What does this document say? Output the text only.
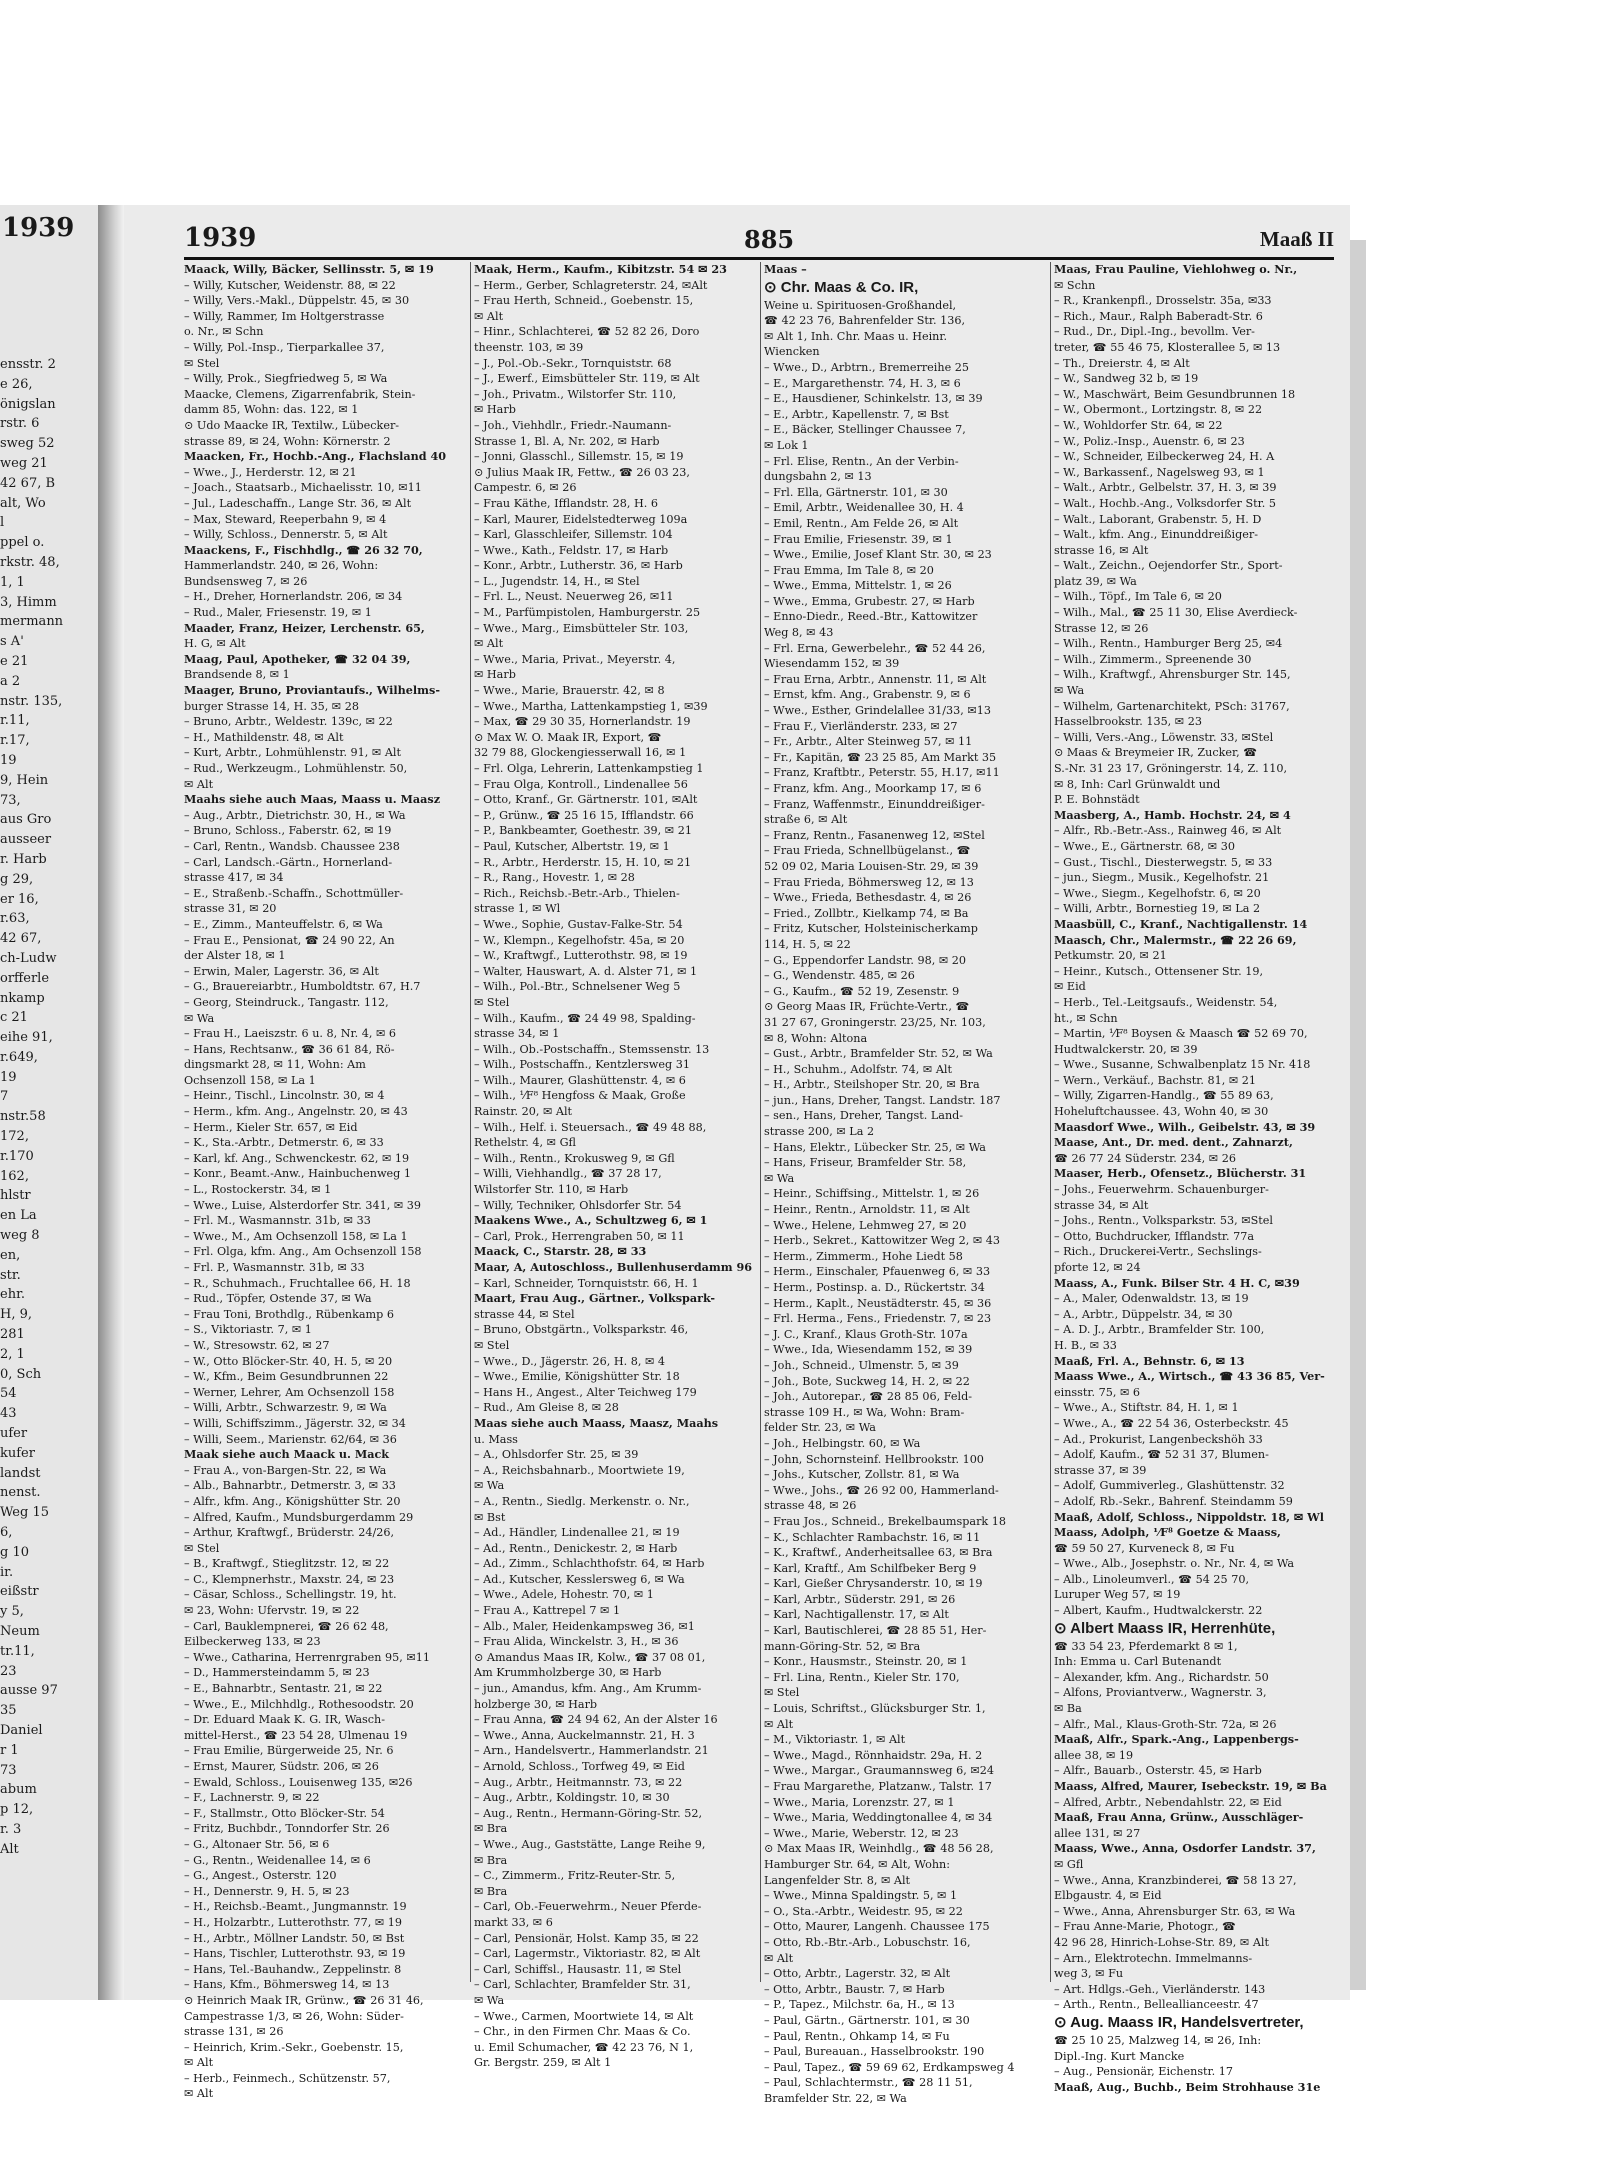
1939
ensstr. 2
e 26,
önigslan
rstr. 6
sweg 52
weg 21
42 67, B
alt, Wo
l
ppel o.
rkstr. 48,
1, 1
3, Himm
mermann
s A'
e 21
a 2
nstr. 135,
r.11,
r.17,
19
9, Hein
73,
aus Gro
ausseer
r. Harb
g 29,
er 16,
r.63,
42 67,
ch-Ludw
orfferle
nkamp
c 21
eihe 91,
r.649,
19
7
nstr.58
172,
r.170
162,
hlstr
en La
weg 8
en,
str.
ehr.
H, 9,
281
2, 1
0, Sch
54
43
ufer
kufer
landst
nenst.
Weg 15
6,
g 10
ir.
eißstr
y 5,
Neum
tr.11,
23
ausse 97
35
Daniel
r 1
73
abum
p 12,
r. 3
Alt
1939	885	Maaß II
Maack, Willy, Bäcker, Sellinsstr. 5, ✉ 19
– Willy, Kutscher, Weidenstr. 88, ✉ 22
– Willy, Vers.-Makl., Düppelstr. 45, ✉ 30
– Willy, Rammer, Im Holtgerstrasse
o. Nr., ✉ Schn
– Willy, Pol.-Insp., Tierparkallee 37,
✉ Stel
– Willy, Prok., Siegfriedweg 5, ✉ Wa
Maacke, Clemens, Zigarrenfabrik, Stein-
damm 85, Wohn: das. 122, ✉ 1
⊙ Udo Maacke IR, Textilw., Lübecker-
strasse 89, ✉ 24, Wohn: Körnerstr. 2
Maacken, Fr., Hochb.-Ang., Flachsland 40
– Wwe., J., Herderstr. 12, ✉ 21
– Joach., Staatsarb., Michaelisstr. 10, ✉11
– Jul., Ladeschaffn., Lange Str. 36, ✉ Alt
– Max, Steward, Reeperbahn 9, ✉ 4
– Willy, Schloss., Dennerstr. 5, ✉ Alt
Maackens, F., Fischhdlg., ☎ 26 32 70,
Hammerlandstr. 240, ✉ 26, Wohn:
Bundsensweg 7, ✉ 26
– H., Dreher, Hornerlandstr. 206, ✉ 34
– Rud., Maler, Friesenstr. 19, ✉ 1
Maader, Franz, Heizer, Lerchenstr. 65,
H. G, ✉ Alt
Maag, Paul, Apotheker, ☎ 32 04 39,
Brandsende 8, ✉ 1
Maager, Bruno, Proviantaufs., Wilhelms-
burger Strasse 14, H. 35, ✉ 28
– Bruno, Arbtr., Weldestr. 139c, ✉ 22
– H., Mathildenstr. 48, ✉ Alt
– Kurt, Arbtr., Lohmühlenstr. 91, ✉ Alt
– Rud., Werkzeugm., Lohmühlenstr. 50,
✉ Alt
Maahs siehe auch Maas, Maass u. Maasz
– Aug., Arbtr., Dietrichstr. 30, H., ✉ Wa
– Bruno, Schloss., Faberstr. 62, ✉ 19
– Carl, Rentn., Wandsb. Chaussee 238
– Carl, Landsch.-Gärtn., Hornerland-
strasse 417, ✉ 34
– E., Straßenb.-Schaffn., Schottmüller-
strasse 31, ✉ 20
– E., Zimm., Manteuffelstr. 6, ✉ Wa
– Frau E., Pensionat, ☎ 24 90 22, An
der Alster 18, ✉ 1
– Erwin, Maler, Lagerstr. 36, ✉ Alt
– G., Brauereiarbtr., Humboldtstr. 67, H.7
– Georg, Steindruck., Tangastr. 112,
✉ Wa
– Frau H., Laeiszstr. 6 u. 8, Nr. 4, ✉ 6
– Hans, Rechtsanw., ☎ 36 61 84, Rö-
dingsmarkt 28, ✉ 11, Wohn: Am
Ochsenzoll 158, ✉ La 1
– Heinr., Tischl., Lincolnstr. 30, ✉ 4
– Herm., kfm. Ang., Angelnstr. 20, ✉ 43
– Herm., Kieler Str. 657, ✉ Eid
– K., Sta.-Arbtr., Detmerstr. 6, ✉ 33
– Karl, kf. Ang., Schwenckestr. 62, ✉ 19
– Konr., Beamt.-Anw., Hainbuchenweg 1
– L., Rostockerstr. 34, ✉ 1
– Wwe., Luise, Alsterdorfer Str. 341, ✉ 39
– Frl. M., Wasmannstr. 31b, ✉ 33
– Wwe., M., Am Ochsenzoll 158, ✉ La 1
– Frl. Olga, kfm. Ang., Am Ochsenzoll 158
– Frl. P., Wasmannstr. 31b, ✉ 33
– R., Schuhmach., Fruchtallee 66, H. 18
– Rud., Töpfer, Ostende 37, ✉ Wa
– Frau Toni, Brothdlg., Rübenkamp 6
– S., Viktoriastr. 7, ✉ 1
– W., Stresowstr. 62, ✉ 27
– W., Otto Blöcker-Str. 40, H. 5, ✉ 20
– W., Kfm., Beim Gesundbrunnen 22
– Werner, Lehrer, Am Ochsenzoll 158
– Willi, Arbtr., Schwarzestr. 9, ✉ Wa
– Willi, Schiffszimm., Jägerstr. 32, ✉ 34
– Willi, Seem., Marienstr. 62/64, ✉ 36
Maak siehe auch Maack u. Mack
– Frau A., von-Bargen-Str. 22, ✉ Wa
– Alb., Bahnarbtr., Detmerstr. 3, ✉ 33
– Alfr., kfm. Ang., Königshütter Str. 20
– Alfred, Kaufm., Mundsburgerdamm 29
– Arthur, Kraftwgf., Brüderstr. 24/26,
✉ Stel
– B., Kraftwgf., Stieglitzstr. 12, ✉ 22
– C., Klempnerhstr., Maxstr. 24, ✉ 23
– Cäsar, Schloss., Schellingstr. 19, ht.
✉ 23, Wohn: Ufervstr. 19, ✉ 22
– Carl, Bauklempnerei, ☎ 26 62 48,
Eilbeckerweg 133, ✉ 23
– Wwe., Catharina, Herrenrgraben 95, ✉11
– D., Hammersteindamm 5, ✉ 23
– E., Bahnarbtr., Sentastr. 21, ✉ 22
– Wwe., E., Milchhdlg., Rothesoodstr. 20
– Dr. Eduard Maak K. G. IR, Wasch-
mittel-Herst., ☎ 23 54 28, Ulmenau 19
– Frau Emilie, Bürgerweide 25, Nr. 6
– Ernst, Maurer, Südstr. 206, ✉ 26
– Ewald, Schloss., Louisenweg 135, ✉26
– F., Lachnerstr. 9, ✉ 22
– F., Stallmstr., Otto Blöcker-Str. 54
– Fritz, Buchbdr., Tonndorfer Str. 26
– G., Altonaer Str. 56, ✉ 6
– G., Rentn., Weidenallee 14, ✉ 6
– G., Angest., Osterstr. 120
– H., Dennerstr. 9, H. 5, ✉ 23
– H., Reichsb.-Beamt., Jungmannstr. 19
– H., Holzarbtr., Lutterothstr. 77, ✉ 19
– H., Arbtr., Möllner Landstr. 50, ✉ Bst
– Hans, Tischler, Lutterothstr. 93, ✉ 19
– Hans, Tel.-Bauhandw., Zeppelinstr. 8
– Hans, Kfm., Böhmersweg 14, ✉ 13
⊙ Heinrich Maak IR, Grünw., ☎ 26 31 46,
Campestrasse 1/3, ✉ 26, Wohn: Süder-
strasse 131, ✉ 26
– Heinrich, Krim.-Sekr., Goebenstr. 15,
✉ Alt
– Herb., Feinmech., Schützenstr. 57,
✉ Alt
Maak, Herm., Kaufm., Kibitzstr. 54 ✉ 23
– Herm., Gerber, Schlagreterstr. 24, ✉Alt
– Frau Herth, Schneid., Goebenstr. 15,
✉ Alt
– Hinr., Schlachterei, ☎ 52 82 26, Doro
theenstr. 103, ✉ 39
– J., Pol.-Ob.-Sekr., Tornquiststr. 68
– J., Ewerf., Eimsbütteler Str. 119, ✉ Alt
– Joh., Privatm., Wilstorfer Str. 110,
✉ Harb
– Joh., Viehhdlr., Friedr.-Naumann-
Strasse 1, Bl. A, Nr. 202, ✉ Harb
– Jonni, Glasschl., Sillemstr. 15, ✉ 19
⊙ Julius Maak IR, Fettw., ☎ 26 03 23,
Campestr. 6, ✉ 26
– Frau Käthe, Ifflandstr. 28, H. 6
– Karl, Maurer, Eidelstedterweg 109a
– Karl, Glasschleifer, Sillemstr. 104
– Wwe., Kath., Feldstr. 17, ✉ Harb
– Konr., Arbtr., Lutherstr. 36, ✉ Harb
– L., Jugendstr. 14, H., ✉ Stel
– Frl. L., Neust. Neuerweg 26, ✉11
– M., Parfümpistolen, Hamburgerstr. 25
– Wwe., Marg., Eimsbütteler Str. 103,
✉ Alt
– Wwe., Maria, Privat., Meyerstr. 4,
✉ Harb
– Wwe., Marie, Brauerstr. 42, ✉ 8
– Wwe., Martha, Lattenkampstieg 1, ✉39
– Max, ☎ 29 30 35, Hornerlandstr. 19
⊙ Max W. O. Maak IR, Export, ☎
32 79 88, Glockengiesserwall 16, ✉ 1
– Frl. Olga, Lehrerin, Lattenkampstieg 1
– Frau Olga, Kontroll., Lindenallee 56
– Otto, Kranf., Gr. Gärtnerstr. 101, ✉Alt
– P., Grünw., ☎ 25 16 15, Ifflandstr. 66
– P., Bankbeamter, Goethestr. 39, ✉ 21
– Paul, Kutscher, Albertstr. 19, ✉ 1
– R., Arbtr., Herderstr. 15, H. 10, ✉ 21
– R., Rang., Hovestr. 1, ✉ 28
– Rich., Reichsb.-Betr.-Arb., Thielen-
strasse 1, ✉ Wl
– Wwe., Sophie, Gustav-Falke-Str. 54
– W., Klempn., Kegelhofstr. 45a, ✉ 20
– W., Kraftwgf., Lutterothstr. 98, ✉ 19
– Walter, Hauswart, A. d. Alster 71, ✉ 1
– Wilh., Pol.-Btr., Schnelsener Weg 5
✉ Stel
– Wilh., Kaufm., ☎ 24 49 98, Spalding-
strasse 34, ✉ 1
– Wilh., Ob.-Postschaffn., Stemssenstr. 13
– Wilh., Postschaffn., Kentzlersweg 31
– Wilh., Maurer, Glashüttenstr. 4, ✉ 6
– Wilh., ⅟F⁸ Hengfoss & Maak, Große
Rainstr. 20, ✉ Alt
– Wilh., Helf. i. Steuersach., ☎ 49 48 88,
Rethelstr. 4, ✉ Gfl
– Wilh., Rentn., Krokusweg 9, ✉ Gfl
– Willi, Viehhandlg., ☎ 37 28 17,
Wilstorfer Str. 110, ✉ Harb
– Willy, Techniker, Ohlsdorfer Str. 54
Maakens Wwe., A., Schultzweg 6, ✉ 1
– Carl, Prok., Herrengraben 50, ✉ 11
Maack, C., Starstr. 28, ✉ 33
Maar, A, Autoschloss., Bullenhuserdamm 96
– Karl, Schneider, Tornquiststr. 66, H. 1
Maart, Frau Aug., Gärtner., Volkspark-
strasse 44, ✉ Stel
– Bruno, Obstgärtn., Volksparkstr. 46,
✉ Stel
– Wwe., D., Jägerstr. 26, H. 8, ✉ 4
– Wwe., Emilie, Königshütter Str. 18
– Hans H., Angest., Alter Teichweg 179
– Rud., Am Gleise 8, ✉ 28
Maas siehe auch Maass, Maasz, Maahs
u. Mass
– A., Ohlsdorfer Str. 25, ✉ 39
– A., Reichsbahnarb., Moortwiete 19,
✉ Wa
– A., Rentn., Siedlg. Merkenstr. o. Nr.,
✉ Bst
– Ad., Händler, Lindenallee 21, ✉ 19
– Ad., Rentn., Denickestr. 2, ✉ Harb
– Ad., Zimm., Schlachthofstr. 64, ✉ Harb
– Ad., Kutscher, Kesslersweg 6, ✉ Wa
– Wwe., Adele, Hohestr. 70, ✉ 1
– Frau A., Kattrepel 7 ✉ 1
– Alb., Maler, Heidenkampsweg 36, ✉1
– Frau Alida, Winckelstr. 3, H., ✉ 36
⊙ Amandus Maas IR, Kolw., ☎ 37 08 01,
Am Krummholzberge 30, ✉ Harb
– jun., Amandus, kfm. Ang., Am Krumm-
holzberge 30, ✉ Harb
– Frau Anna, ☎ 24 94 62, An der Alster 16
– Wwe., Anna, Auckelmannstr. 21, H. 3
– Arn., Handelsvertr., Hammerlandstr. 21
– Arnold, Schloss., Torfweg 49, ✉ Eid
– Aug., Arbtr., Heitmannstr. 73, ✉ 22
– Aug., Arbtr., Koldingstr. 10, ✉ 30
– Aug., Rentn., Hermann-Göring-Str. 52,
✉ Bra
– Wwe., Aug., Gaststätte, Lange Reihe 9,
✉ Bra
– C., Zimmerm., Fritz-Reuter-Str. 5,
✉ Bra
– Carl, Ob.-Feuerwehrm., Neuer Pferde-
markt 33, ✉ 6
– Carl, Pensionär, Holst. Kamp 35, ✉ 22
– Carl, Lagermstr., Viktoriastr. 82, ✉ Alt
– Carl, Schiffsl., Hausastr. 11, ✉ Stel
– Carl, Schlachter, Bramfelder Str. 31,
✉ Wa
– Wwe., Carmen, Moortwiete 14, ✉ Alt
– Chr., in den Firmen Chr. Maas & Co.
u. Emil Schumacher, ☎ 42 23 76, N 1,
Gr. Bergstr. 259, ✉ Alt 1
Maas –
⊙ Chr. Maas & Co. IR,
Weine u. Spirituosen-Großhandel,
☎ 42 23 76, Bahrenfelder Str. 136,
✉ Alt 1, Inh. Chr. Maas u. Heinr.
Wiencken
– Wwe., D., Arbtrn., Bremerreihe 25
– E., Margarethenstr. 74, H. 3, ✉ 6
– E., Hausdiener, Schinkelstr. 13, ✉ 39
– E., Arbtr., Kapellenstr. 7, ✉ Bst
– E., Bäcker, Stellinger Chaussee 7,
✉ Lok 1
– Frl. Elise, Rentn., An der Verbin-
dungsbahn 2, ✉ 13
– Frl. Ella, Gärtnerstr. 101, ✉ 30
– Emil, Arbtr., Weidenallee 30, H. 4
– Emil, Rentn., Am Felde 26, ✉ Alt
– Frau Emilie, Friesenstr. 39, ✉ 1
– Wwe., Emilie, Josef Klant Str. 30, ✉ 23
– Frau Emma, Im Tale 8, ✉ 20
– Wwe., Emma, Mittelstr. 1, ✉ 26
– Wwe., Emma, Grubestr. 27, ✉ Harb
– Enno-Diedr., Reed.-Btr., Kattowitzer
Weg 8, ✉ 43
– Frl. Erna, Gewerbelehr., ☎ 52 44 26,
Wiesendamm 152, ✉ 39
– Frau Erna, Arbtr., Annenstr. 11, ✉ Alt
– Ernst, kfm. Ang., Grabenstr. 9, ✉ 6
– Wwe., Esther, Grindelallee 31/33, ✉13
– Frau F., Vierländerstr. 233, ✉ 27
– Fr., Arbtr., Alter Steinweg 57, ✉ 11
– Fr., Kapitän, ☎ 23 25 85, Am Markt 35
– Franz, Kraftbtr., Peterstr. 55, H.17, ✉11
– Franz, kfm. Ang., Moorkamp 17, ✉ 6
– Franz, Waffenmstr., Einunddreißiger-
straße 6, ✉ Alt
– Franz, Rentn., Fasanenweg 12, ✉Stel
– Frau Frieda, Schnellbügelanst., ☎
52 09 02, Maria Louisen-Str. 29, ✉ 39
– Frau Frieda, Böhmersweg 12, ✉ 13
– Wwe., Frieda, Bethesdastr. 4, ✉ 26
– Fried., Zollbtr., Kielkamp 74, ✉ Ba
– Fritz, Kutscher, Holsteinischerkamp
114, H. 5, ✉ 22
– G., Eppendorfer Landstr. 98, ✉ 20
– G., Wendenstr. 485, ✉ 26
– G., Kaufm., ☎ 52 19, Zesenstr. 9
⊙ Georg Maas IR, Früchte-Vertr., ☎
31 27 67, Groningerstr. 23/25, Nr. 103,
✉ 8, Wohn: Altona
– Gust., Arbtr., Bramfelder Str. 52, ✉ Wa
– H., Schuhm., Adolfstr. 74, ✉ Alt
– H., Arbtr., Steilshoper Str. 20, ✉ Bra
– jun., Hans, Dreher, Tangst. Landstr. 187
– sen., Hans, Dreher, Tangst. Land-
strasse 200, ✉ La 2
– Hans, Elektr., Lübecker Str. 25, ✉ Wa
– Hans, Friseur, Bramfelder Str. 58,
✉ Wa
– Heinr., Schiffsing., Mittelstr. 1, ✉ 26
– Heinr., Rentn., Arnoldstr. 11, ✉ Alt
– Wwe., Helene, Lehmweg 27, ✉ 20
– Herb., Sekret., Kattowitzer Weg 2, ✉ 43
– Herm., Zimmerm., Hohe Liedt 58
– Herm., Einschaler, Pfauenweg 6, ✉ 33
– Herm., Postinsp. a. D., Rückertstr. 34
– Herm., Kaplt., Neustädterstr. 45, ✉ 36
– Frl. Herma., Fens., Friedenstr. 7, ✉ 23
– J. C., Kranf., Klaus Groth-Str. 107a
– Wwe., Ida, Wiesendamm 152, ✉ 39
– Joh., Schneid., Ulmenstr. 5, ✉ 39
– Joh., Bote, Suckweg 14, H. 2, ✉ 22
– Joh., Autorepar., ☎ 28 85 06, Feld-
strasse 109 H., ✉ Wa, Wohn: Bram-
felder Str. 23, ✉ Wa
– Joh., Helbingstr. 60, ✉ Wa
– John, Schornsteinf. Hellbrookstr. 100
– Johs., Kutscher, Zollstr. 81, ✉ Wa
– Wwe., Johs., ☎ 26 92 00, Hammerland-
strasse 48, ✉ 26
– Frau Jos., Schneid., Brekelbaumspark 18
– K., Schlachter Rambachstr. 16, ✉ 11
– K., Kraftwf., Anderheitsallee 63, ✉ Bra
– Karl, Kraftf., Am Schilfbeker Berg 9
– Karl, Gießer Chrysanderstr. 10, ✉ 19
– Karl, Arbtr., Süderstr. 291, ✉ 26
– Karl, Nachtigallenstr. 17, ✉ Alt
– Karl, Bautischlerei, ☎ 28 85 51, Her-
mann-Göring-Str. 52, ✉ Bra
– Konr., Hausmstr., Steinstr. 20, ✉ 1
– Frl. Lina, Rentn., Kieler Str. 170,
✉ Stel
– Louis, Schriftst., Glücksburger Str. 1,
✉ Alt
– M., Viktoriastr. 1, ✉ Alt
– Wwe., Magd., Rönnhaidstr. 29a, H. 2
– Wwe., Margar., Graumannsweg 6, ✉24
– Frau Margarethe, Platzanw., Talstr. 17
– Wwe., Maria, Lorenzstr. 27, ✉ 1
– Wwe., Maria, Weddingtonallee 4, ✉ 34
– Wwe., Marie, Weberstr. 12, ✉ 23
⊙ Max Maas IR, Weinhdlg., ☎ 48 56 28,
Hamburger Str. 64, ✉ Alt, Wohn:
Langenfelder Str. 8, ✉ Alt
– Wwe., Minna Spaldingstr. 5, ✉ 1
– O., Sta.-Arbtr., Weidestr. 95, ✉ 22
– Otto, Maurer, Langenh. Chaussee 175
– Otto, Rb.-Btr.-Arb., Lobuschstr. 16,
✉ Alt
– Otto, Arbtr., Lagerstr. 32, ✉ Alt
– Otto, Arbtr., Baustr. 7, ✉ Harb
– P., Tapez., Milchstr. 6a, H., ✉ 13
– Paul, Gärtn., Gärtnerstr. 101, ✉ 30
– Paul, Rentn., Ohkamp 14, ✉ Fu
– Paul, Bureauan., Hasselbrookstr. 190
– Paul, Tapez., ☎ 59 69 62, Erdkampsweg 4
– Paul, Schlachtermstr., ☎ 28 11 51,
Bramfelder Str. 22, ✉ Wa
Maas, Frau Pauline, Viehlohweg o. Nr.,
✉ Schn
– R., Krankenpfl., Drosselstr. 35a, ✉33
– Rich., Maur., Ralph Baberadt-Str. 6
– Rud., Dr., Dipl.-Ing., bevollm. Ver-
treter, ☎ 55 46 75, Klosterallee 5, ✉ 13
– Th., Dreierstr. 4, ✉ Alt
– W., Sandweg 32 b, ✉ 19
– W., Maschwärt, Beim Gesundbrunnen 18
– W., Obermont., Lortzingstr. 8, ✉ 22
– W., Wohldorfer Str. 64, ✉ 22
– W., Poliz.-Insp., Auenstr. 6, ✉ 23
– W., Schneider, Eilbeckerweg 24, H. A
– W., Barkassenf., Nagelsweg 93, ✉ 1
– Walt., Arbtr., Gelbelstr. 37, H. 3, ✉ 39
– Walt., Hochb.-Ang., Volksdorfer Str. 5
– Walt., Laborant, Grabenstr. 5, H. D
– Walt., kfm. Ang., Einunddreißiger-
strasse 16, ✉ Alt
– Walt., Zeichn., Oejendorfer Str., Sport-
platz 39, ✉ Wa
– Wilh., Töpf., Im Tale 6, ✉ 20
– Wilh., Mal., ☎ 25 11 30, Elise Averdieck-
Strasse 12, ✉ 26
– Wilh., Rentn., Hamburger Berg 25, ✉4
– Wilh., Zimmerm., Spreenende 30
– Wilh., Kraftwgf., Ahrensburger Str. 145,
✉ Wa
– Wilhelm, Gartenarchitekt, PSch: 31767,
Hasselbrookstr. 135, ✉ 23
– Willi, Vers.-Ang., Löwenstr. 33, ✉Stel
⊙ Maas & Breymeier IR, Zucker, ☎
S.-Nr. 31 23 17, Gröningerstr. 14, Z. 110,
✉ 8, Inh: Carl Grünwaldt und
P. E. Bohnstädt
Maasberg, A., Hamb. Hochstr. 24, ✉ 4
– Alfr., Rb.-Betr.-Ass., Rainweg 46, ✉ Alt
– Wwe., E., Gärtnerstr. 68, ✉ 30
– Gust., Tischl., Diesterwegstr. 5, ✉ 33
– jun., Siegm., Musik., Kegelhofstr. 21
– Wwe., Siegm., Kegelhofstr. 6, ✉ 20
– Willi, Arbtr., Bornestieg 19, ✉ La 2
Maasbüll, C., Kranf., Nachtigallenstr. 14
Maasch, Chr., Malermstr., ☎ 22 26 69,
Petkumstr. 20, ✉ 21
– Heinr., Kutsch., Ottensener Str. 19,
✉ Eid
– Herb., Tel.-Leitgsaufs., Weidenstr. 54,
ht., ✉ Schn
– Martin, ⅟F⁸ Boysen & Maasch ☎ 52 69 70,
Hudtwalckerstr. 20, ✉ 39
– Wwe., Susanne, Schwalbenplatz 15 Nr. 418
– Wern., Verkäuf., Bachstr. 81, ✉ 21
– Willy, Zigarren-Handlg., ☎ 55 89 63,
Hoheluftchaussee. 43, Wohn 40, ✉ 30
Maasdorf Wwe., Wilh., Geibelstr. 43, ✉ 39
Maase, Ant., Dr. med. dent., Zahnarzt,
☎ 26 77 24 Süderstr. 234, ✉ 26
Maaser, Herb., Ofensetz., Blücherstr. 31
– Johs., Feuerwehrm. Schauenburger-
strasse 34, ✉ Alt
– Johs., Rentn., Volksparkstr. 53, ✉Stel
– Otto, Buchdrucker, Ifflandstr. 77a
– Rich., Druckerei-Vertr., Sechslings-
pforte 12, ✉ 24
Maass, A., Funk. Bilser Str. 4 H. C, ✉39
– A., Maler, Odenwaldstr. 13, ✉ 19
– A., Arbtr., Düppelstr. 34, ✉ 30
– A. D. J., Arbtr., Bramfelder Str. 100,
H. B., ✉ 33
Maaß, Frl. A., Behnstr. 6, ✉ 13
Maass Wwe., A., Wirtsch., ☎ 43 36 85, Ver-
einsstr. 75, ✉ 6
– Wwe., A., Stiftstr. 84, H. 1, ✉ 1
– Wwe., A., ☎ 22 54 36, Osterbeckstr. 45
– Ad., Prokurist, Langenbeckshöh 33
– Adolf, Kaufm., ☎ 52 31 37, Blumen-
strasse 37, ✉ 39
– Adolf, Gummiverleg., Glashüttenstr. 32
– Adolf, Rb.-Sekr., Bahrenf. Steindamm 59
Maaß, Adolf, Schloss., Nippoldstr. 18, ✉ Wl
Maass, Adolph, ⅟F⁸ Goetze & Maass,
☎ 59 50 27, Kurveneck 8, ✉ Fu
– Wwe., Alb., Josephstr. o. Nr., Nr. 4, ✉ Wa
– Alb., Linoleumverl., ☎ 54 25 70,
Luruper Weg 57, ✉ 19
– Albert, Kaufm., Hudtwalckerstr. 22
⊙ Albert Maass IR, Herrenhüte,
☎ 33 54 23, Pferdemarkt 8 ✉ 1,
Inh: Emma u. Carl Butenandt
– Alexander, kfm. Ang., Richardstr. 50
– Alfons, Proviantverw., Wagnerstr. 3,
✉ Ba
– Alfr., Mal., Klaus-Groth-Str. 72a, ✉ 26
Maaß, Alfr., Spark.-Ang., Lappenbergs-
allee 38, ✉ 19
– Alfr., Bauarb., Osterstr. 45, ✉ Harb
Maass, Alfred, Maurer, Isebeckstr. 19, ✉ Ba
– Alfred, Arbtr., Nebendahlstr. 22, ✉ Eid
Maaß, Frau Anna, Grünw., Ausschläger-
allee 131, ✉ 27
Maass, Wwe., Anna, Osdorfer Landstr. 37,
✉ Gfl
– Wwe., Anna, Kranzbinderei, ☎ 58 13 27,
Elbgaustr. 4, ✉ Eid
– Wwe., Anna, Ahrensburger Str. 63, ✉ Wa
– Frau Anne-Marie, Photogr., ☎
42 96 28, Hinrich-Lohse-Str. 89, ✉ Alt
– Arn., Elektrotechn. Immelmanns-
weg 3, ✉ Fu
– Art. Hdlgs.-Geh., Vierländerstr. 143
– Arth., Rentn., Belleallianceestr. 47
⊙ Aug. Maass IR, Handelsvertreter,
☎ 25 10 25, Malzweg 14, ✉ 26, Inh:
Dipl.-Ing. Kurt Mancke
– Aug., Pensionär, Eichenstr. 17
Maaß, Aug., Buchb., Beim Strohhause 31e
